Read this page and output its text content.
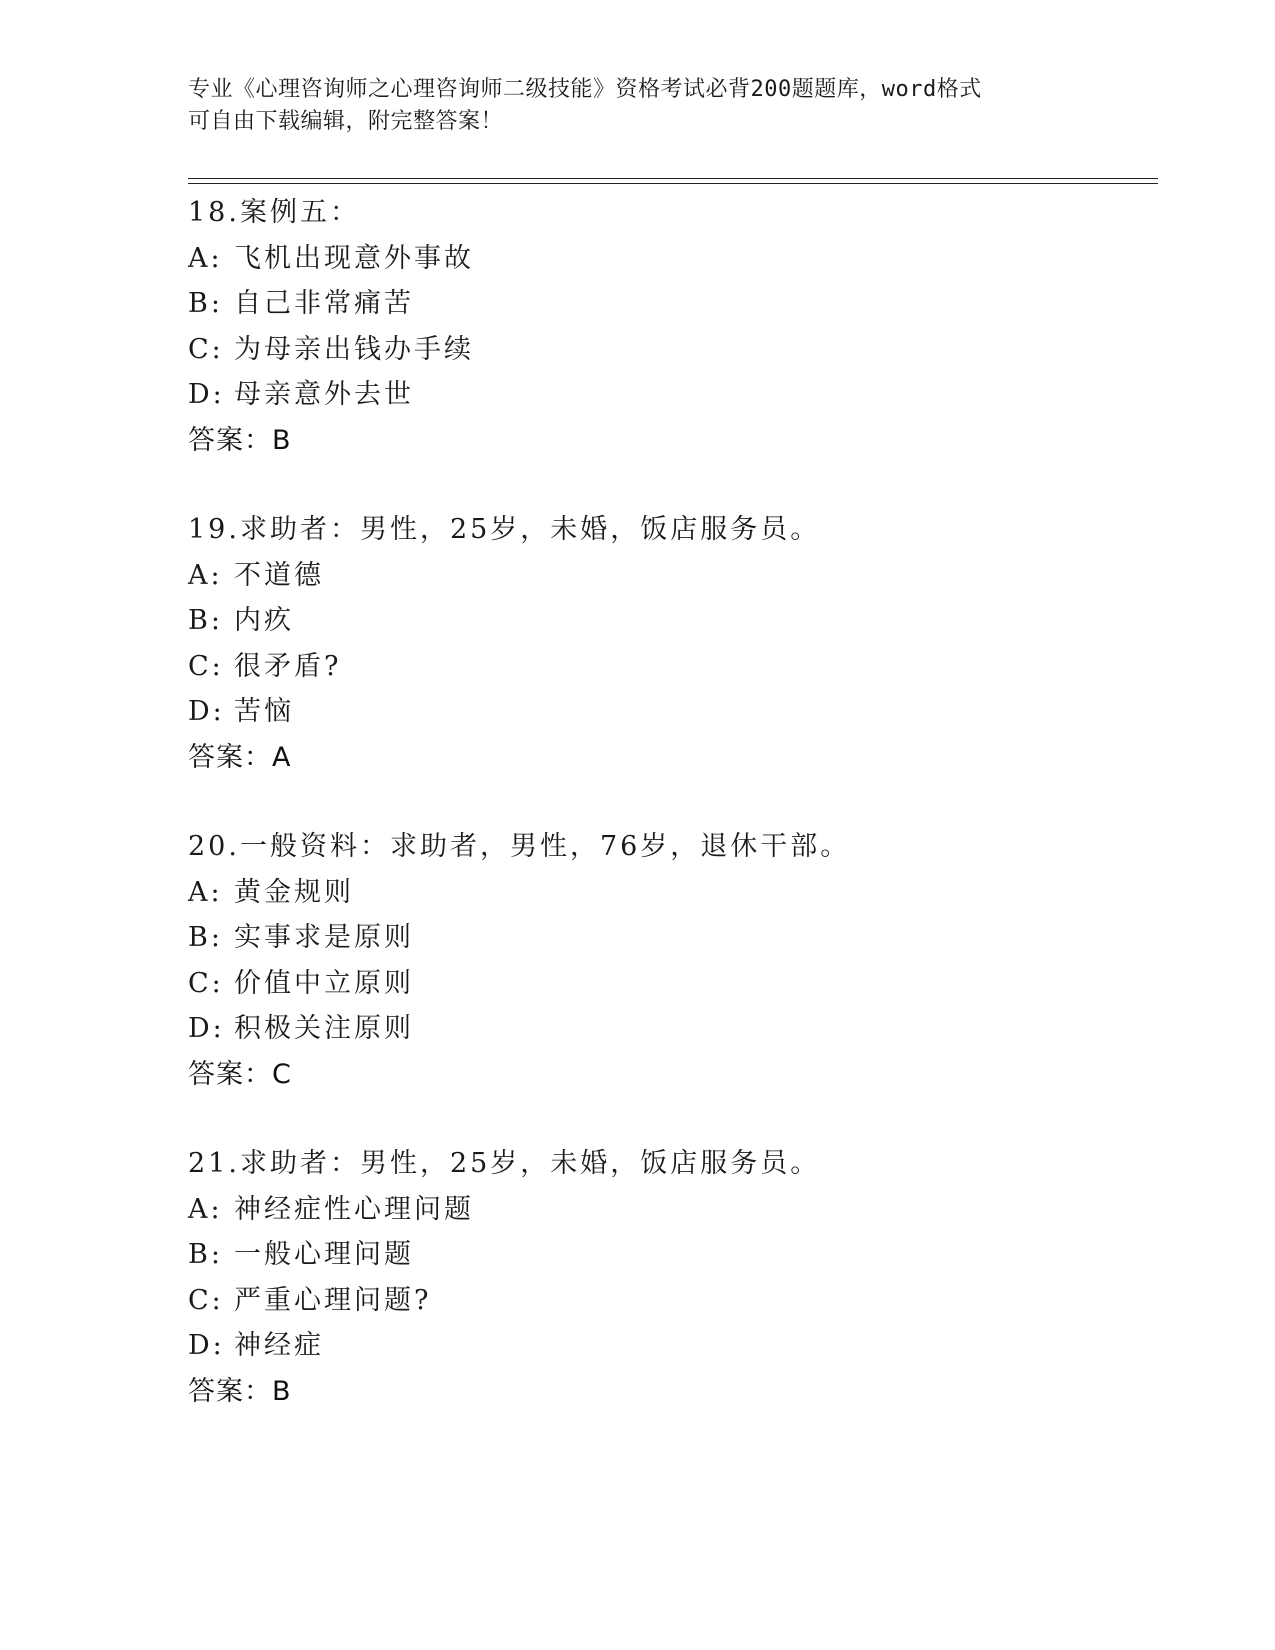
专业《心理咨询师之心理咨询师二级技能》资格考试必背200题题库，word格式
可自由下载编辑，附完整答案！
18.案例五：
A: 飞机出现意外事故
B: 自己非常痛苦
C: 为母亲出钱办手续
D: 母亲意外去世
答案：B
19.求助者：男性，25岁，未婚，饭店服务员。
A: 不道德
B: 内疚
C: 很矛盾?
D: 苦恼
答案：A
20.一般资料：求助者，男性，76岁，退休干部。
A: 黄金规则
B: 实事求是原则
C: 价值中立原则
D: 积极关注原则
答案：C
21.求助者：男性，25岁，未婚，饭店服务员。
A: 神经症性心理问题
B: 一般心理问题
C: 严重心理问题?
D: 神经症
答案：B
